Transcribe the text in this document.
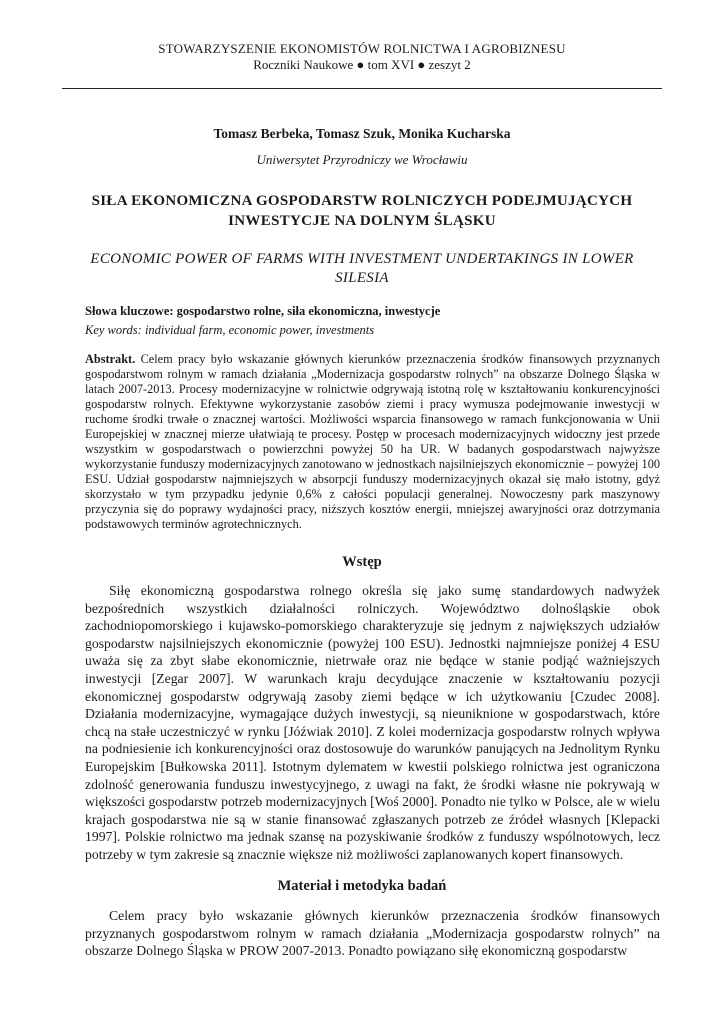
STOWARZYSZENIE EKONOMISTÓW ROLNICTWA I AGROBIZNESU
Roczniki Naukowe ● tom XVI ● zeszyt 2
Tomasz Berbeka, Tomasz Szuk, Monika Kucharska
Uniwersytet Przyrodniczy we Wrocławiu
SIŁA EKONOMICZNA GOSPODARSTW ROLNICZYCH PODEJMUJĄCYCH INWESTYCJE NA DOLNYM ŚLĄSKU
ECONOMIC POWER OF FARMS WITH INVESTMENT UNDERTAKINGS IN LOWER SILESIA
Słowa kluczowe: gospodarstwo rolne, siła ekonomiczna, inwestycje
Key words: individual farm, economic power, investments

Abstrakt. Celem pracy było wskazanie głównych kierunków przeznaczenia środków finansowych przyznanych gospodarstwom rolnym w ramach działania „Modernizacja gospodarstw rolnych” na obszarze Dolnego Śląska w latach 2007-2013. Procesy modernizacyjne w rolnictwie odgrywają istotną rolę w kształtowaniu konkurencyjności gospodarstw rolnych. Efektywne wykorzystanie zasobów ziemi i pracy wymusza podejmowanie inwestycji w ruchome środki trwałe o znacznej wartości. Możliwości wsparcia finansowego w ramach funkcjonowania w Unii Europejskiej w znacznej mierze ułatwiają te procesy. Postęp w procesach modernizacyjnych widoczny jest przede wszystkim w gospodarstwach o powierzchni powyżej 50 ha UR. W badanych gospodarstwach najwyższe wykorzystanie funduszy modernizacyjnych zanotowano w jednostkach najsilniejszych ekonomicznie – powyżej 100 ESU. Udział gospodarstw najmniejszych w absorpcji funduszy modernizacyjnych okazał się mało istotny, gdyż skorzystało w tym przypadku jedynie 0,6% z całości populacji generalnej. Nowoczesny park maszynowy przyczynia się do poprawy wydajności pracy, niższych kosztów energii, mniejszej awaryjności oraz dotrzymania podstawowych terminów agrotechnicznych.

Wstęp

Siłę ekonomiczną gospodarstwa rolnego określa się jako sumę standardowych nadwyżek bezpośrednich wszystkich działalności rolniczych. Województwo dolnośląskie obok zachodniopomorskiego i kujawsko-pomorskiego charakteryzuje się jednym z największych udziałów gospodarstw najsilniejszych ekonomicznie (powyżej 100 ESU). Jednostki najmniejsze poniżej 4 ESU uważa się za zbyt słabe ekonomicznie, nietrwałe oraz nie będące w stanie podjąć ważniejszych inwestycji [Zegar 2007]. W warunkach kraju decydujące znaczenie w kształtowaniu pozycji ekonomicznej gospodarstw odgrywają zasoby ziemi będące w ich użytkowaniu [Czudec 2008]. Działania modernizacyjne, wymagające dużych inwestycji, są nieuniknione w gospodarstwach, które chcą na stałe uczestniczyć w rynku [Jóźwiak 2010]. Z kolei modernizacja gospodarstw rolnych wpływa na podniesienie ich konkurencyjności oraz dostosowuje do warunków panujących na Jednolitym Rynku Europejskim [Bułkowska 2011]. Istotnym dylematem w kwestii polskiego rolnictwa jest ograniczona zdolność generowania funduszu inwestycyjnego, z uwagi na fakt, że środki własne nie pokrywają w większości gospodarstw potrzeb modernizacyjnych [Woś 2000]. Ponadto nie tylko w Polsce, ale w wielu krajach gospodarstwa nie są w stanie finansować zgłaszanych potrzeb ze źródeł własnych [Klepacki 1997]. Polskie rolnictwo ma jednak szansę na pozyskiwanie środków z funduszy wspólnotowych, lecz potrzeby w tym zakresie są znacznie większe niż możliwości zaplanowanych kopert finansowych.

Materiał i metodyka badań

Celem pracy było wskazanie głównych kierunków przeznaczenia środków finansowych przyznanych gospodarstwom rolnym w ramach działania „Modernizacja gospodarstw rolnych” na obszarze Dolnego Śląska w PROW 2007-2013. Ponadto powiązano siłę ekonomiczną gospodarstw
